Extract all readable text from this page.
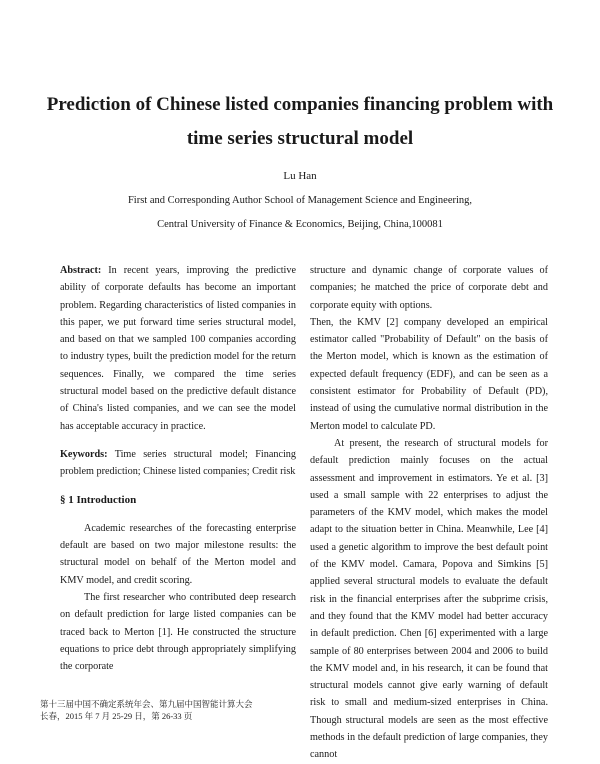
Prediction of Chinese listed companies financing problem with
time series structural model
Lu Han
First and Corresponding Author School of Management Science and Engineering,
Central University of Finance & Economics, Beijing, China,100081

Abstract: In recent years, improving the predictive ability of corporate defaults has become an important problem. Regarding characteristics of listed companies in this paper, we put forward time series structural model, and based on that we sampled 100 companies according to industry types, built the prediction model for the return sequences. Finally, we compared the time series structural model based on the predictive default distance of China's listed companies, and we can see the model has acceptable accuracy in practice.

Keywords: Time series structural model; Financing problem prediction; Chinese listed companies; Credit risk

§ 1 Introduction

Academic researches of the forecasting enterprise default are based on two major milestone results: the structural model on behalf of the Merton model and KMV model, and credit scoring.

The first researcher who contributed deep research on default prediction for large listed companies can be traced back to Merton [1]. He constructed the structure equations to price debt through appropriately simplifying the corporate

structure and dynamic change of corporate values of companies; he matched the price of corporate debt and corporate equity with options.

Then, the KMV [2] company developed an empirical estimator called "Probability of Default" on the basis of the Merton model, which is known as the estimation of expected default frequency (EDF), and can be seen as a consistent estimator for Probability of Default (PD), instead of using the cumulative normal distribution in the Merton model to calculate PD.

At present, the research of structural models for default prediction mainly focuses on the actual assessment and improvement in estimators. Ye et al. [3] used a small sample with 22 enterprises to adjust the parameters of the KMV model, which makes the model adapt to the situation better in China. Meanwhile, Lee [4] used a genetic algorithm to improve the best default point of the KMV model. Camara, Popova and Simkins [5] applied several structural models to evaluate the default risk in the financial enterprises after the subprime crisis, and they found that the KMV model had better accuracy in default prediction. Chen [6] experimented with a large sample of 80 enterprises between 2004 and 2006 to build the KMV model and, in his research, it can be found that structural models cannot give early warning of default risk to small and medium-sized enterprises in China. Though structural models are seen as the most effective methods in the default prediction of large companies, they cannot

第十三届中国不确定系统年会、第九届中国智能计算大会
长春，2015 年 7 月 25-29 日，第 26-33 页
